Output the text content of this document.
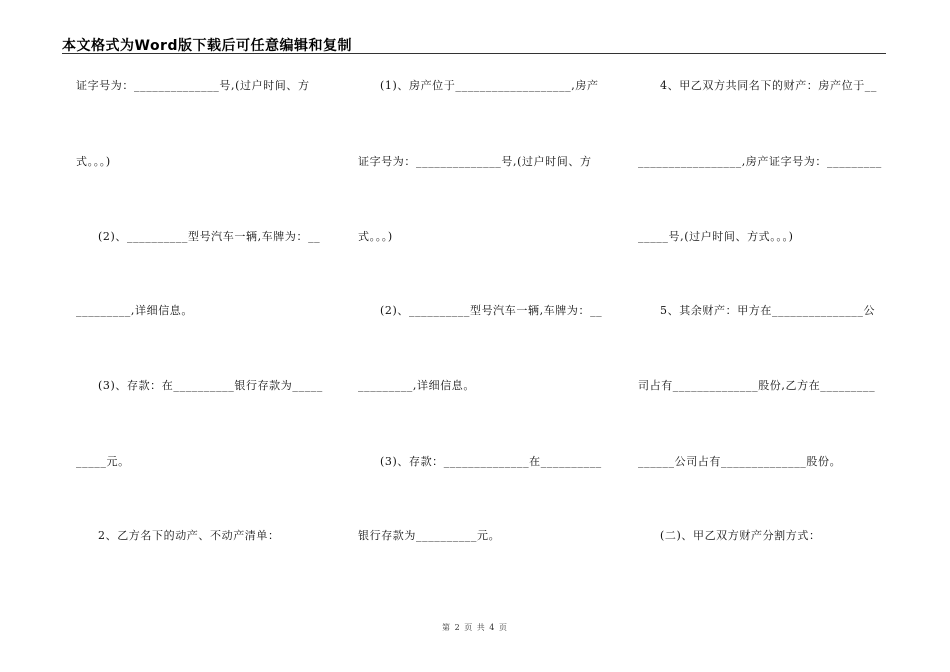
本文格式为Word版下载后可任意编辑和复制
证字号为：______________号,(过户时间、方
式。。。)
(2)、__________型号汽车一辆,车牌为：__
_________,详细信息。
(3)、存款：在__________银行存款为_____
_____元。
2、乙方名下的动产、不动产清单：
(1)、房产位于___________________,房产
证字号为：______________号,(过户时间、方
式。。。)
(2)、__________型号汽车一辆,车牌为：__
_________,详细信息。
(3)、存款：______________在__________
银行存款为__________元。
4、甲乙双方共同名下的财产：房产位于__
_________________,房产证字号为：_________
_____号,(过户时间、方式。。。)
5、其余财产：甲方在_______________公
司占有______________股份,乙方在_________
______公司占有______________股份。
(二)、甲乙双方财产分割方式：
第 2 页 共 4 页
